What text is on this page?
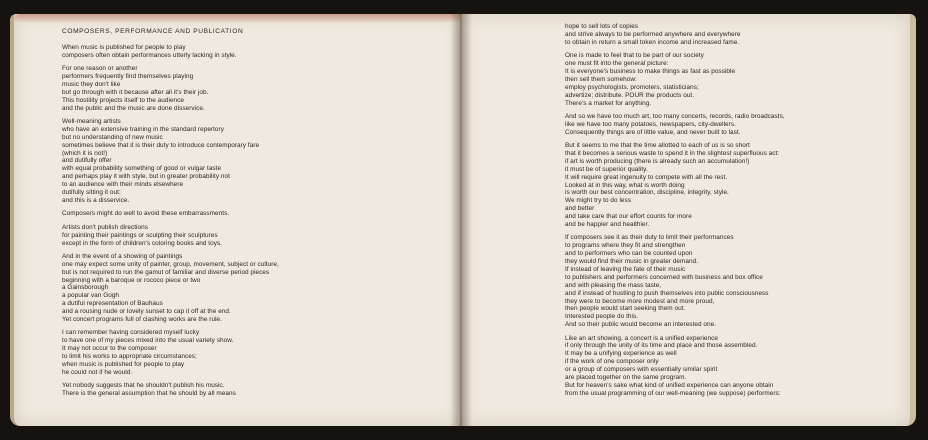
COMPOSERS, PERFORMANCE AND PUBLICATION
When music is published for people to play
composers often obtain performances utterly lacking in style.
For one reason or another
performers frequently find themselves playing
music they don't like
but go through with it because after all it's their job.
This hostility projects itself to the audience
and the public and the music are done disservice.
Well-meaning artists
who have an extensive training in the standard repertory
but no understanding of new music
sometimes believe that it is their duty to introduce contemporary fare
(which it is not!)
and dutifully offer
with equal probability something of good or vulgar taste
and perhaps play it with style, but in greater probability not
to an audience with their minds elsewhere
dutifully sitting it out;
and this is a disservice.
Composers might do well to avoid these embarrassments.
Artists don't publish directions
for painting their paintings or sculpting their sculptures
except in the form of children's coloring books and toys.
And in the event of a showing of paintings
one may expect some unity of painter, group, movement, subject or culture,
but is not required to run the gamut of familiar and diverse period pieces
beginning with a baroque or rococo piece or two
a Gainsborough
a popular van Gogh
a dutiful representation of Bauhaus
and a rousing nude or lovely sunset to cap it off at the end.
Yet concert programs full of clashing works are the rule.
I can remember having considered myself lucky
to have one of my pieces mixed into the usual variety show.
It may not occur to the composer
to limit his works to appropriate circumstances;
when music is published for people to play
he could not if he would.
Yet nobody suggests that he shouldn't publish his music.
There is the general assumption that he should by all means
hope to sell lots of copies
and strive always to be performed anywhere and everywhere
to obtain in return a small token income and increased fame.
One is made to feel that to be part of our society
one must fit into the general picture:
It is everyone's business to make things as fast as possible
then sell them somehow:
employ psychologists, promoters, statisticians;
advertize; distribute. POUR the products out.
There's a market for anything.
And so we have too much art, too many concerts, records, radio broadcasts,
like we have too many potatoes, newspapers, city-dwellers.
Consequently things are of little value, and never built to last.
But it seems to me that the time allotted to each of us is so short
that it becomes a serious waste to spend it in the slightest superfluous act:
if art is worth producing (there is already such an accumulation!)
it must be of superior quality.
It will require great ingenuity to compete with all the rest.
Looked at in this way, what is worth doing
is worth our best concentration, discipline, integrity, style.
We might try to do less
and better
and take care that our effort counts for more
and be happier and healthier.
If composers see it as their duty to limit their performances
to programs where they fit and strengthen
and to performers who can be counted upon
they would find their music in greater demand.
If instead of leaving the fate of their music
to publishers and performers concerned with business and box office
and with pleasing the mass taste,
and if instead of hustling to push themselves into public consciousness
they were to become more modest and more proud,
then people would start seeking them out.
Interested people do this.
And so their public would become an interested one.
Like an art showing, a concert is a unified experience
if only through the unity of its time and place and those assembled.
It may be a unifying experience as well
if the work of one composer only
or a group of composers with essentially similar spirit
are placed together on the same program.
But for heaven's sake what kind of unified experience can anyone obtain
from the usual programming of our well-meaning (we suppose) performers:
